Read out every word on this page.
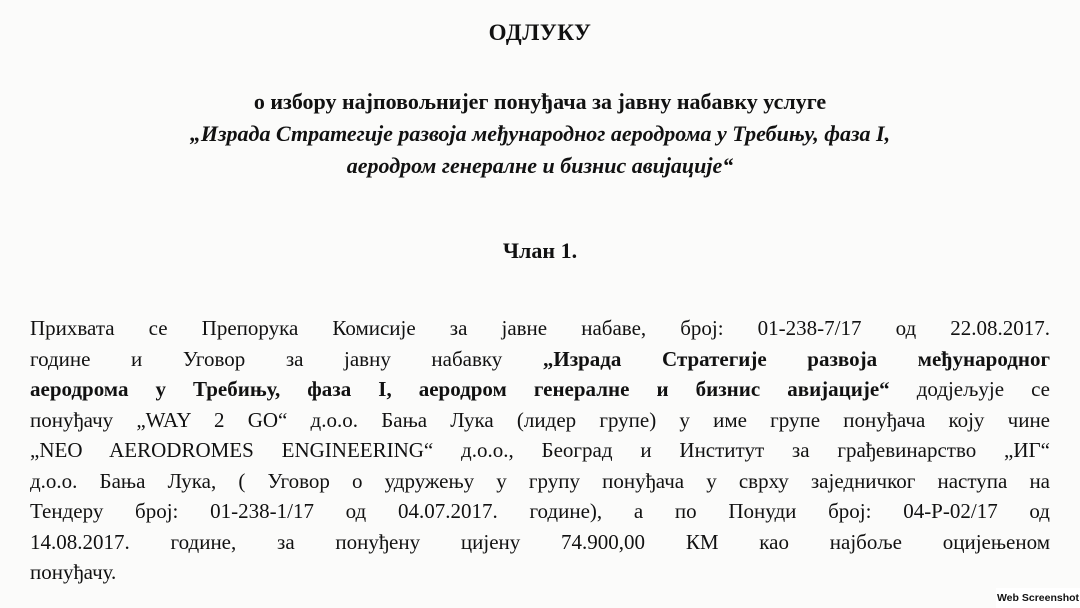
ОДЛУКУ
о избору најповољнијег понуђача за јавну набавку услуге
„Израда Стратегије развоја међународног аеродрома у Требињу, фаза I,
аеродром генералне и бизнис авијације“
Члан 1.
Прихвата се Препорука Комисије за јавне набаве, број: 01-238-7/17 од 22.08.2017.
године и Уговор за јавну набавку „Израда Стратегије развоја међународног
аеродрома у Требињу, фаза I, аеродром генералне и бизнис авијације“ додјељује се
понуђачу „WAY 2 GO“ д.о.о. Бања Лука (лидер групе) у име групе понуђача коју чине
„NEO AERODROMES ENGINEERING“ д.о.о., Београд и Институт за грађевинарство „ИГ“
д.о.о. Бања Лука, ( Уговор о удружењу у групу понуђача у сврху заједничког наступа на
Тендеру број: 01-238-1/17 од 04.07.2017. године), а по Понуди број: 04-Р-02/17 од
14.08.2017. године, за понуђену цијену 74.900,00 КМ као најбоље оцијењеном
понуђачу.
Web Screenshot
